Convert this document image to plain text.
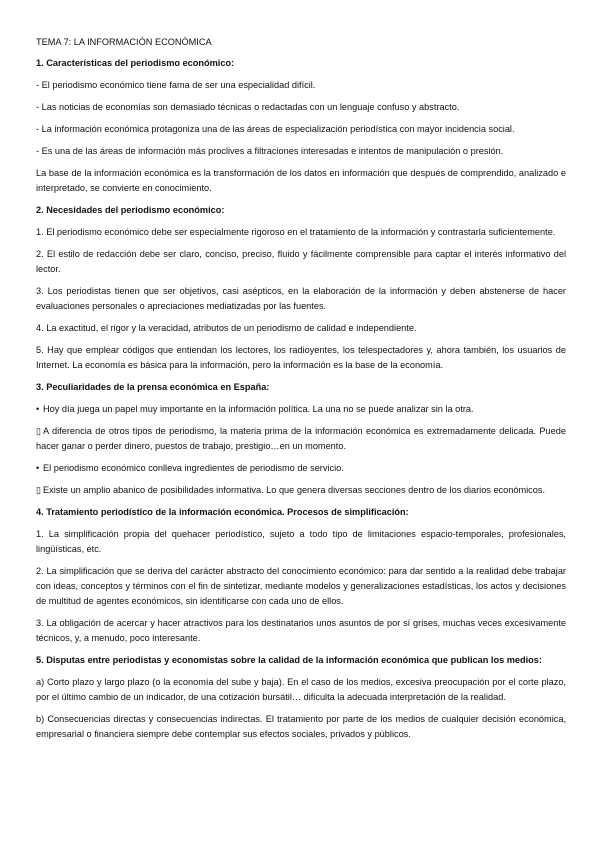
TEMA 7: LA INFORMACIÓN ECONÓMICA
1. Características del periodismo económico:
- El periodismo económico tiene fama de ser una especialidad difícil.
- Las noticias de economías son demasiado técnicas o redactadas con un lenguaje confuso y abstracto.
- La información económica protagoniza una de las áreas de especialización periodística con mayor incidencia social.
- Es una de las áreas de información más proclives a filtraciones interesadas e intentos de manipulación o presión.
La base de la información económica es la transformación de los datos en información que después de comprendido, analizado e interpretado, se convierte en conocimiento.
2. Necesidades del periodismo económico:
1. El periodismo económico debe ser especialmente rigoroso en el tratamiento de la información y contrastarla suficientemente.
2. El estilo de redacción debe ser claro, conciso, preciso, fluido y fácilmente comprensible para captar el interés informativo del lector.
3. Los periodistas tienen que ser objetivos, casi asépticos, en la elaboración de la información y deben abstenerse de hacer evaluaciones personales o apreciaciones mediatizadas por las fuentes.
4. La exactitud, el rigor y la veracidad, atributos de un periodismo de calidad e independiente.
5. Hay que emplear códigos que entiendan los lectores, los radioyentes, los telespectadores y, ahora también, los usuarios de Internet. La economía es básica para la información, pero la información es la base de la economía.
3. Peculiaridades de la prensa económica en España:
• Hoy día juega un papel muy importante en la información política. La una no se puede analizar sin la otra.
▯ A diferencia de otros tipos de periodismo, la materia prima de la información económica es extremadamente delicada. Puede hacer ganar o perder dinero, puestos de trabajo, prestigio…en un momento.
• El periodismo económico conlleva ingredientes de periodismo de servicio.
▯ Existe un amplio abanico de posibilidades informativa. Lo que genera diversas secciones dentro de los diarios económicos.
4. Tratamiento periodístico de la información económica. Procesos de simplificación:
1. La simplificación propia del quehacer periodístico, sujeto a todo tipo de limitaciones espacio-temporales, profesionales, lingüísticas, etc.
2. La simplificación que se deriva del carácter abstracto del conocimiento económico: para dar sentido a la realidad debe trabajar con ideas, conceptos y términos con el fin de sintetizar, mediante modelos y generalizaciones estadísticas, los actos y decisiones de multitud de agentes económicos, sin identificarse con cada uno de ellos.
3. La obligación de acercar y hacer atractivos para los destinatarios unos asuntos de por sí grises, muchas veces excesivamente técnicos, y, a menudo, poco interesante.
5. Disputas entre periodistas y economistas sobre la calidad de la información económica que publican los medios:
a) Corto plazo y largo plazo (o la economía del sube y baja). En el caso de los medios, excesiva preocupación por el corte plazo, por el último cambio de un indicador, de una cotización bursátil… dificulta la adecuada interpretación de la realidad.
b) Consecuencias directas y consecuencias indirectas. El tratamiento por parte de los medios de cualquier decisión económica, empresarial o financiera siempre debe contemplar sus efectos sociales, privados y públicos.
